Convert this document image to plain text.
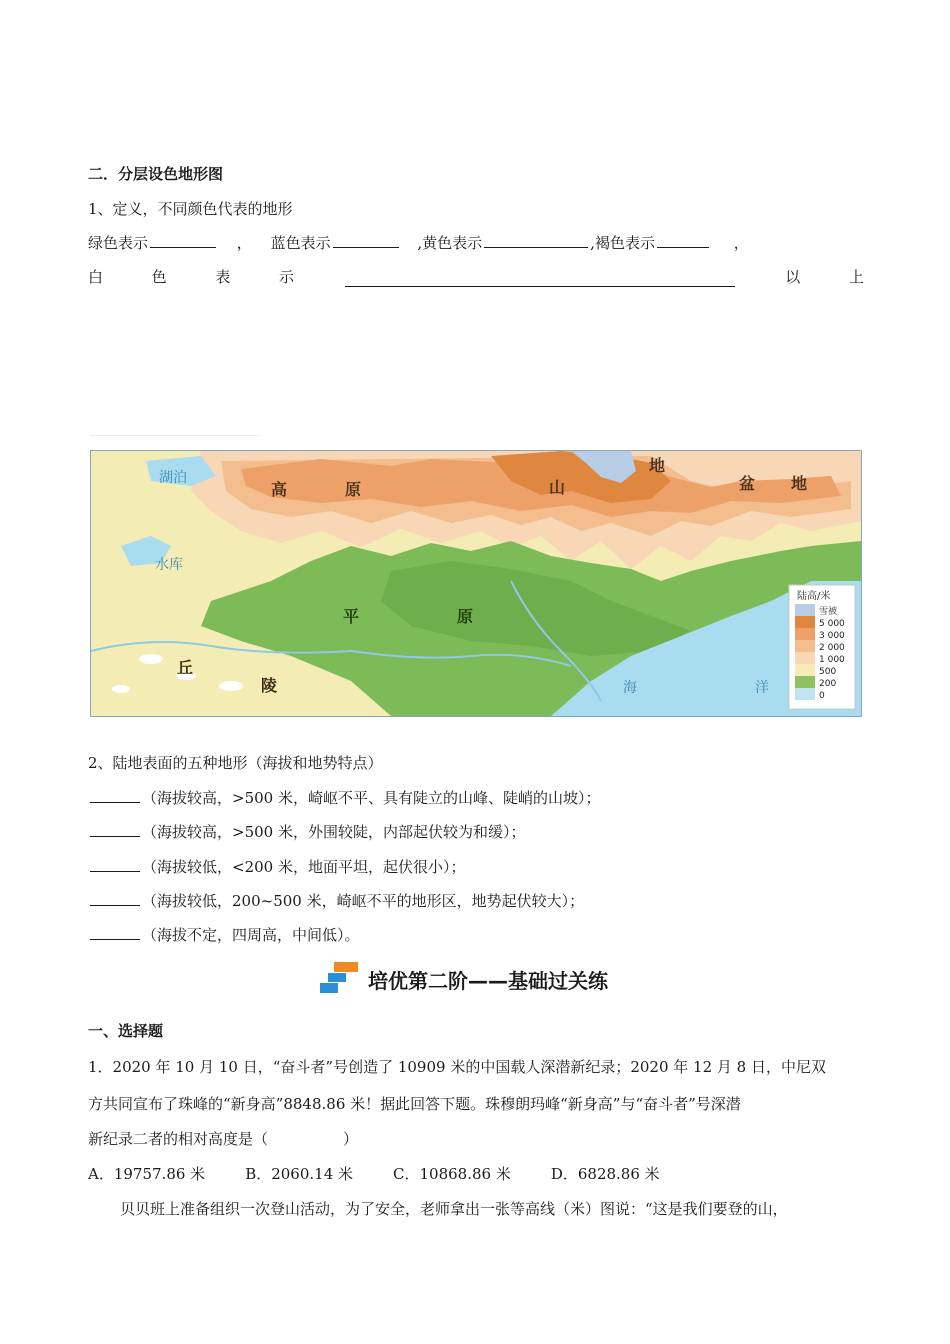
二．分层设色地形图
1、定义，不同颜色代表的地形
绿色表示	， 蓝色表示	,黄色表示	,褐色表示	，
白	色	表	示	以	上
湖泊
水库
高	原	山
地
盆 地
平	原
丘
陵	海	洋
陆高/米
雪被
5 000
3 000
2 000
1 000
500
200
0
2、陆地表面的五种地形（海拔和地势特点）
（海拔较高，>500 米，崎岖不平、具有陡立的山峰、陡峭的山坡）；
（海拔较高，>500 米，外围较陡，内部起伏较为和缓）；
（海拔较低，<200 米，地面平坦，起伏很小）；
（海拔较低，200~500 米，崎岖不平的地形区，地势起伏较大）；
（海拔不定，四周高，中间低）。
培优第二阶——基础过关练
一、选择题
1．2020 年 10 月 10 日，“奋斗者”号创造了 10909 米的中国载人深潜新纪录；2020 年 12 月 8 日，中尼双
方共同宣布了珠峰的“新身高”8848.86 米！据此回答下题。珠穆朗玛峰“新身高”与“奋斗者”号深潜
新纪录二者的相对高度是（　　　　　）
A．19757.86 米	B．2060.14 米	C．10868.86 米	D．6828.86 米
贝贝班上准备组织一次登山活动，为了安全，老师拿出一张等高线（米）图说：“这是我们要登的山，
